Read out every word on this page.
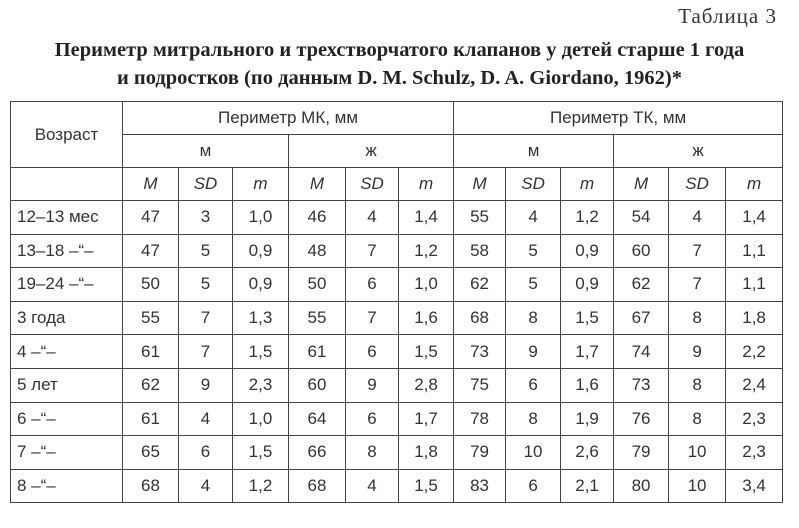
Таблица 3
Периметр митрального и трехстворчатого клапанов у детей старше 1 года
и подростков (по данным D. M. Schulz, D. A. Giordano, 1962)*
Возраст	Периметр МК, мм						Периметр ТК, мм					
	м			ж			м			ж		
	M	SD	m	M	SD	m	M	SD	m	M	SD	m
12–13 мес	47	3	1,0	46	4	1,4	55	4	1,2	54	4	1,4
13–18 –“–	47	5	0,9	48	7	1,2	58	5	0,9	60	7	1,1
19–24 –“–	50	5	0,9	50	6	1,0	62	5	0,9	62	7	1,1
3 года	55	7	1,3	55	7	1,6	68	8	1,5	67	8	1,8
4 –“–	61	7	1,5	61	6	1,5	73	9	1,7	74	9	2,2
5 лет	62	9	2,3	60	9	2,8	75	6	1,6	73	8	2,4
6 –“–	61	4	1,0	64	6	1,7	78	8	1,9	76	8	2,3
7 –“–	65	6	1,5	66	8	1,8	79	10	2,6	79	10	2,3
8 –“–	68	4	1,2	68	4	1,5	83	6	2,1	80	10	3,4
